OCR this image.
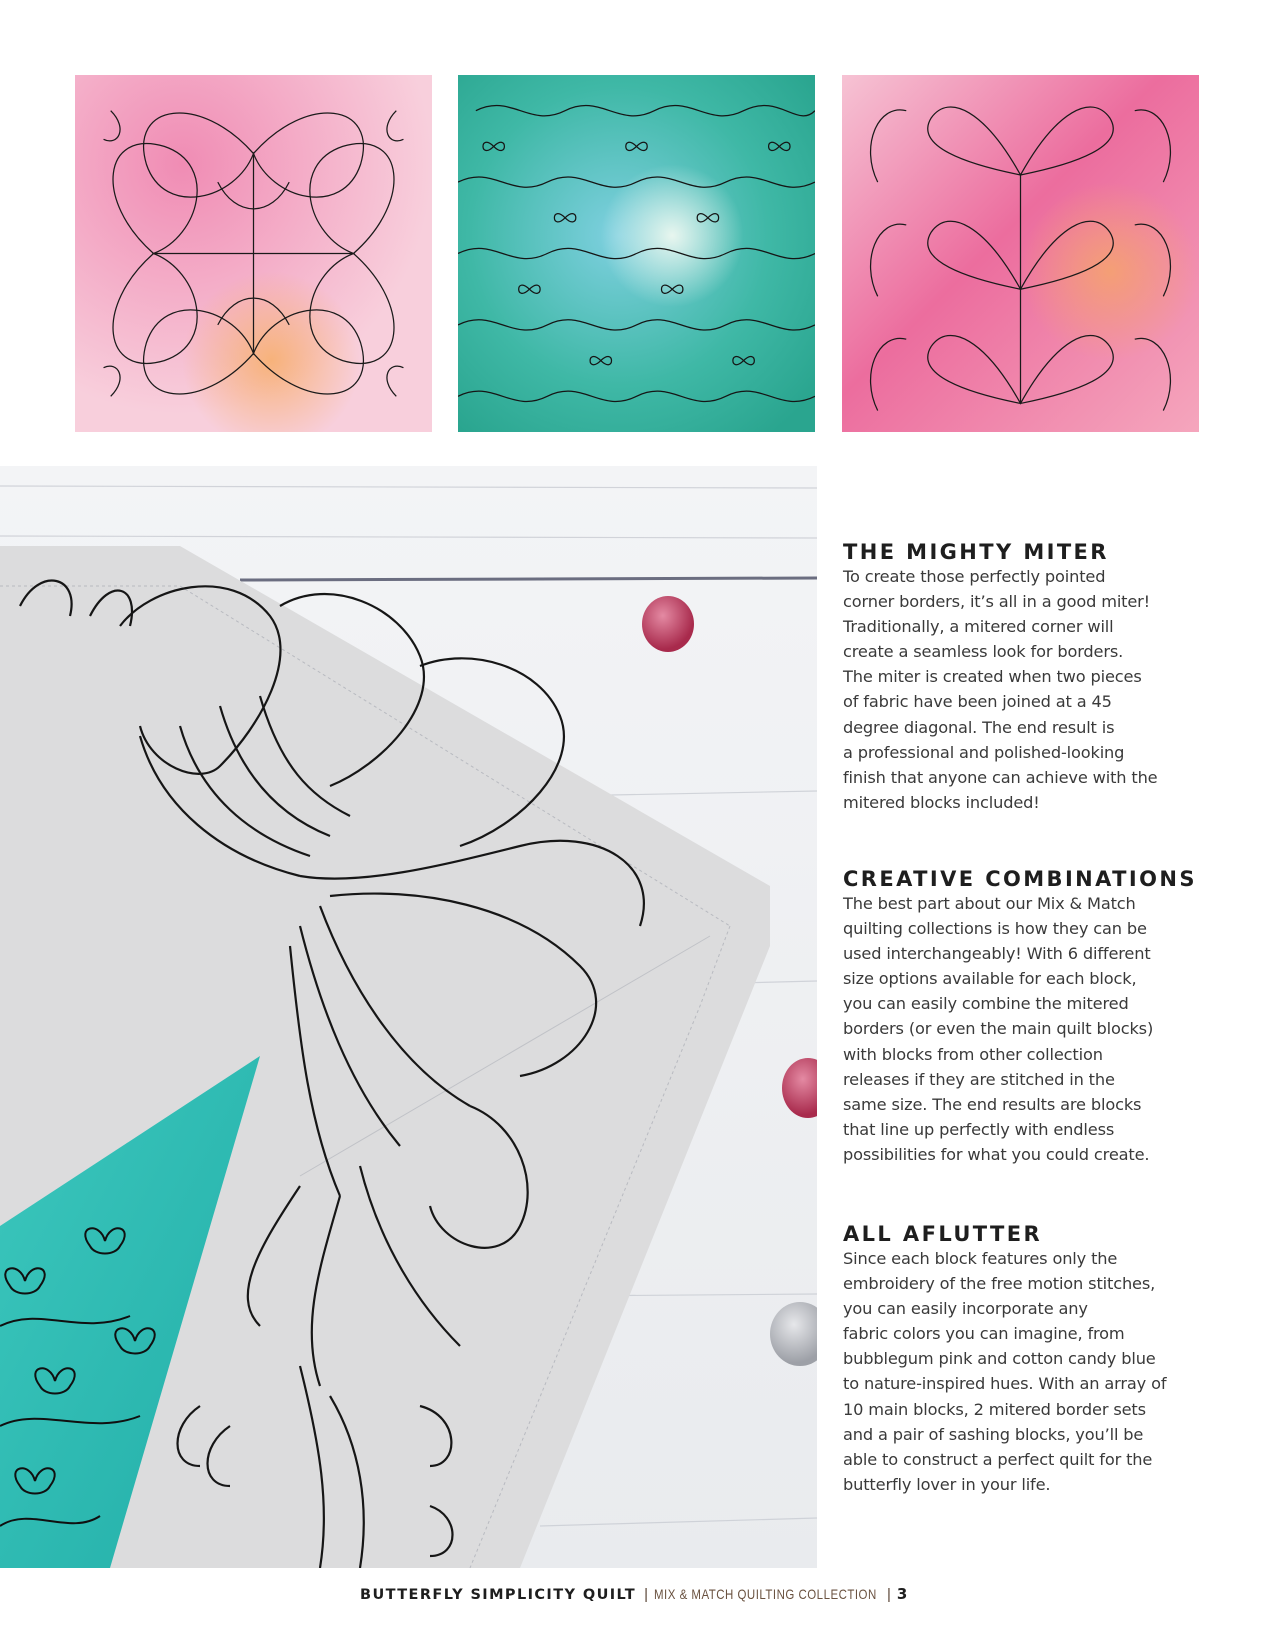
THE MIGHTY MITER

To create those perfectly pointed
corner borders, it’s all in a good miter!
Traditionally, a mitered corner will
create a seamless look for borders.
The miter is created when two pieces
of fabric have been joined at a 45
degree diagonal. The end result is
a professional and polished-looking
finish that anyone can achieve with the
mitered blocks included!

CREATIVE COMBINATIONS

The best part about our Mix & Match
quilting collections is how they can be
used interchangeably! With 6 different
size options available for each block,
you can easily combine the mitered
borders (or even the main quilt blocks)
with blocks from other collection
releases if they are stitched in the
same size. The end results are blocks
that line up perfectly with endless
possibilities for what you could create.

ALL AFLUTTER

Since each block features only the
embroidery of the free motion stitches,
you can easily incorporate any
fabric colors you can imagine, from
bubblegum pink and cotton candy blue
to nature-inspired hues. With an array of
10 main blocks, 2 mitered border sets
and a pair of sashing blocks, you’ll be
able to construct a perfect quilt for the
butterfly lover in your life.

BUTTERFLY SIMPLICITY QUILT | MIX & MATCH QUILTING COLLECTION | 3
